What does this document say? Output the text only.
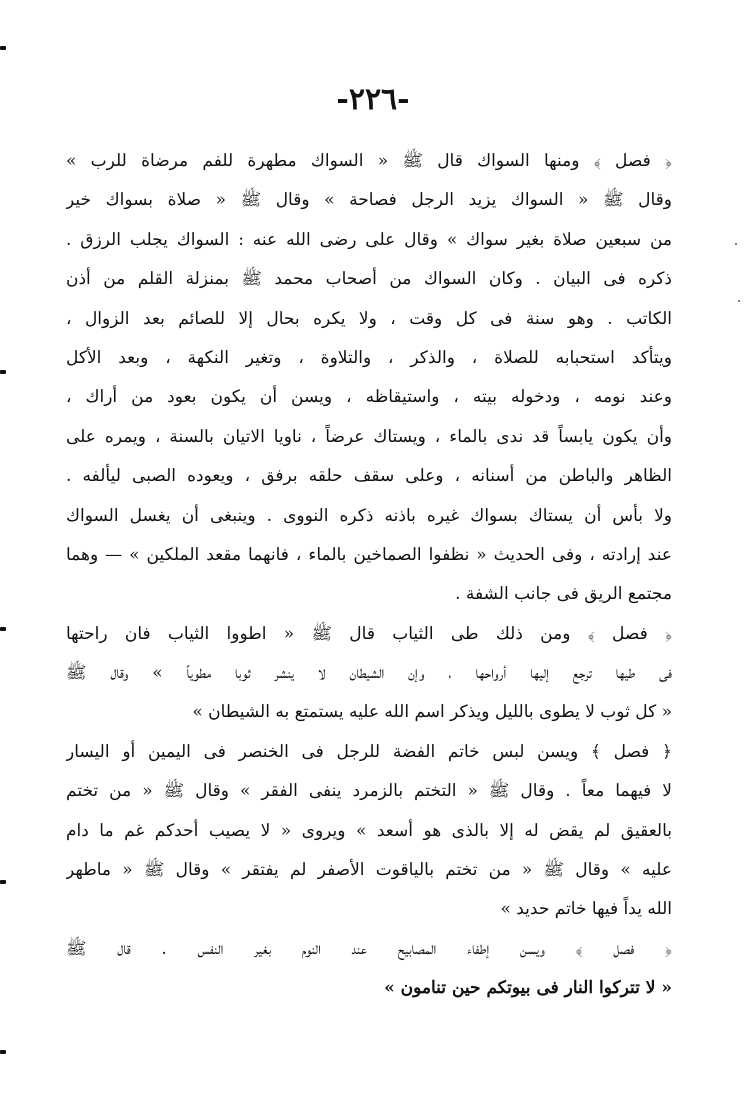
-٢٢٦-
﴿ فصل ﴾ ومنها السواك قال ﷺ « السواك مطهرة للفم مرضاة للرب »
وقال ﷺ « السواك يزيد الرجل فصاحة » وقال ﷺ « صلاة بسواك خير
من سبعين صلاة بغير سواك » وقال على رضى الله عنه : السواك يجلب الرزق .
ذكره فى البيان . وكان السواك من أصحاب محمد ﷺ بمنزلة القلم من أذن
الكاتب . وهو سنة فى كل وقت ، ولا يكره بحال إلا للصائم بعد الزوال ،
ويتأكد استحبابه للصلاة ، والذكر ، والتلاوة ، وتغير النكهة ، وبعد الأكل
وعند نومه ، ودخوله بيته ، واستيقاظه ، ويسن أن يكون بعود من أراك ،
وأن يكون يابساً قد ندى بالماء ، ويستاك عرضاً ، ناويا الاتيان بالسنة ، ويمره على
الظاهر والباطن من أسنانه ، وعلى سقف حلقه برفق ، ويعوده الصبى ليألفه .
ولا بأس أن يستاك بسواك غيره باذنه ذكره النووى . وينبغى أن يغسل السواك
عند إرادته ، وفى الحديث « نظفوا الصماخين بالماء ، فانهما مقعد الملكين » — وهما
مجتمع الريق فى جانب الشفة .
﴿ فصل ﴾ ومن ذلك طى الثياب قال ﷺ « اطووا الثياب فان راحتها
فى طيها ترجع إليها أرواحها ، وإن الشيطان لا ينشر ثوبا مطوياً » وقال ﷺ
« كل ثوب لا يطوى بالليل ويذكر اسم الله عليه يستمتع به الشيطان »
﴿ فصل ﴾ ويسن لبس خاتم الفضة للرجل فى الخنصر فى اليمين أو اليسار
لا فيهما معاً . وقال ﷺ « التختم بالزمرد ينفى الفقر » وقال ﷺ « من تختم
بالعقيق لم يقض له إلا بالذى هو أسعد » ويروى « لا يصيب أحدكم غم ما دام
عليه » وقال ﷺ « من تختم بالياقوت الأصفر لم يفتقر » وقال ﷺ « ماطهر
الله يداً فيها خاتم حديد »
﴿ فصل ﴾ ويسن إطفاء المصابيح عند النوم بغير النفس . قال ﷺ
« لا تتركوا النار فى بيوتكم حين تنامون »
